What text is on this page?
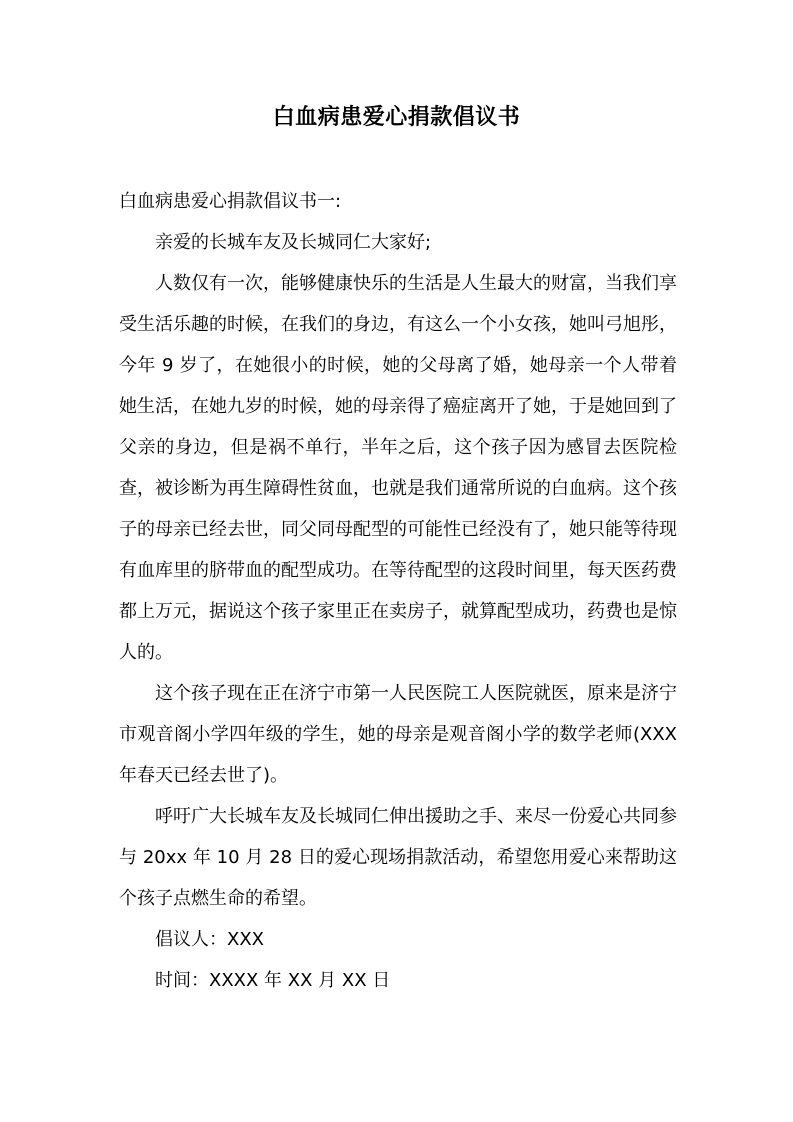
白血病患爱心捐款倡议书

白血病患爱心捐款倡议书一:

亲爱的长城车友及长城同仁大家好;

人数仅有一次，能够健康快乐的生活是人生最大的财富，当我们享受生活乐趣的时候，在我们的身边，有这么一个小女孩，她叫弓旭彤，今年 9 岁了，在她很小的时候，她的父母离了婚，她母亲一个人带着她生活，在她九岁的时候，她的母亲得了癌症离开了她，于是她回到了父亲的身边，但是祸不单行，半年之后，这个孩子因为感冒去医院检查，被诊断为再生障碍性贫血，也就是我们通常所说的白血病。这个孩子的母亲已经去世，同父同母配型的可能性已经没有了，她只能等待现有血库里的脐带血的配型成功。在等待配型的这段时间里，每天医药费都上万元，据说这个孩子家里正在卖房子，就算配型成功，药费也是惊人的。

这个孩子现在正在济宁市第一人民医院工人医院就医，原来是济宁市观音阁小学四年级的学生，她的母亲是观音阁小学的数学老师(XXX 年春天已经去世了)。

呼吁广大长城车友及长城同仁伸出援助之手、来尽一份爱心共同参与 20xx 年 10 月 28 日的爱心现场捐款活动，希望您用爱心来帮助这个孩子点燃生命的希望。

倡议人：XXX

时间：XXXX 年 XX 月 XX 日
